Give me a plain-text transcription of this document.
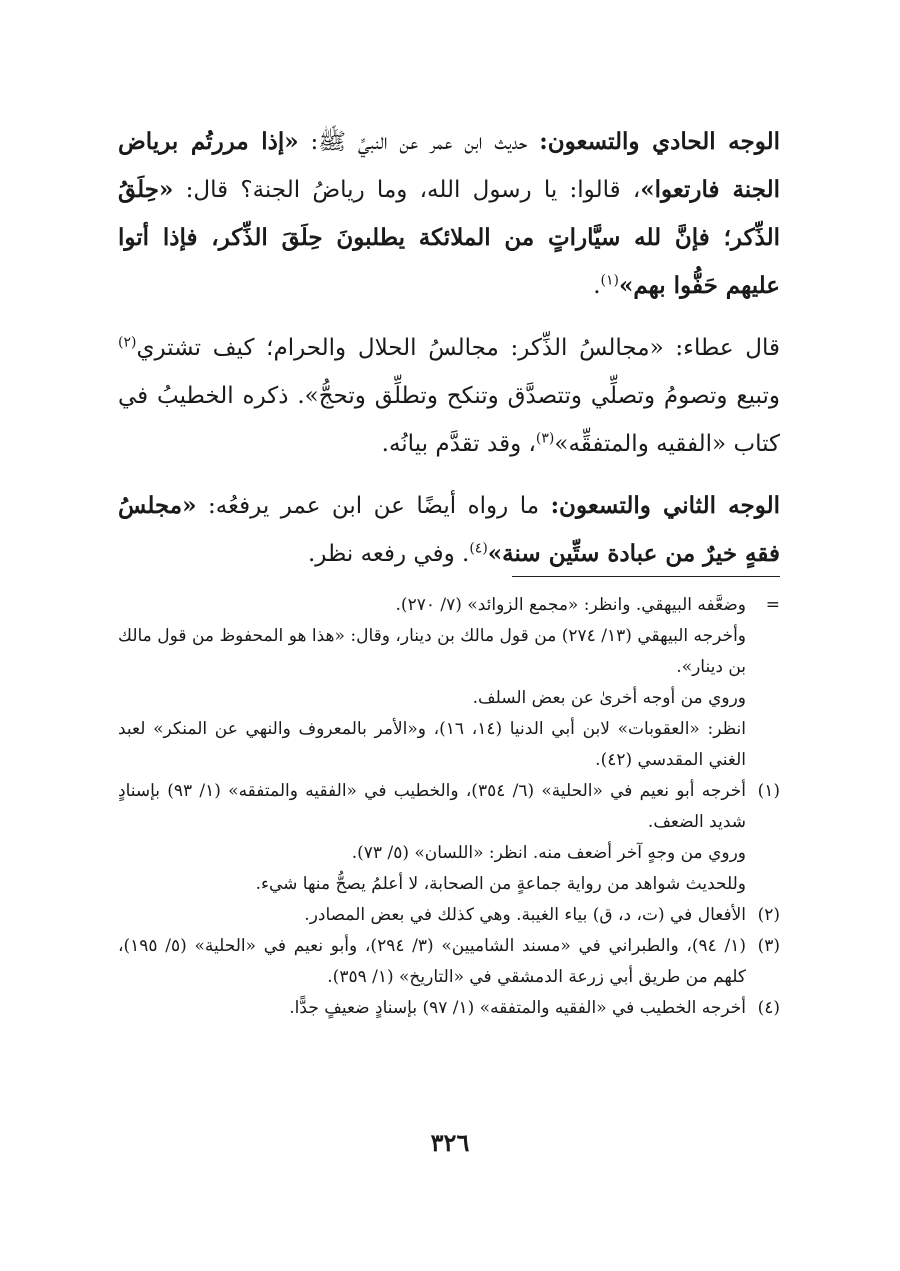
الوجه الحادي والتسعون: حديث ابن عمر عن النبيِّ ﷺ: «إذا مررتُم برياض الجنة فارتعوا»، قالوا: يا رسول الله، وما رياضُ الجنة؟ قال: «حِلَقُ الذِّكر؛ فإنَّ لله سيَّاراتٍ من الملائكة يطلبونَ حِلَقَ الذِّكر، فإذا أتوا عليهم حَفُّوا بهم»$^{(١)}$.

قال عطاء: «مجالسُ الذِّكر: مجالسُ الحلال والحرام؛ كيف تشتري$^{(٢)}$ وتبيع وتصومُ وتصلِّي وتتصدَّق وتنكح وتطلِّق وتحجُّ». ذكره الخطيبُ في كتاب «الفقيه والمتفقِّه»$^{(٣)}$، وقد تقدَّم بيانُه.

الوجه الثاني والتسعون: ما رواه أيضًا عن ابن عمر يرفعُه: «مجلسُ فقهٍ خيرٌ من عبادة ستِّين سنة»$^{(٤)}$. وفي رفعه نظر.

=
وضعَّفه البيهقي. وانظر: «مجمع الزوائد» (٧/ ٢٧٠).
وأخرجه البيهقي (١٣/ ٢٧٤) من قول مالك بن دينار، وقال: «هذا هو المحفوظ من قول مالك بن دينار».
وروي من أوجه أخرىٰ عن بعض السلف.
انظر: «العقوبات» لابن أبي الدنيا (١٤، ١٦)، و«الأمر بالمعروف والنهي عن المنكر» لعبد الغني المقدسي (٤٢).
(١)
أخرجه أبو نعيم في «الحلية» (٦/ ٣٥٤)، والخطيب في «الفقيه والمتفقه» (١/ ٩٣) بإسنادٍ شديد الضعف.
وروي من وجهٍ آخر أضعف منه. انظر: «اللسان» (٥/ ٧٣).
وللحديث شواهد من رواية جماعةٍ من الصحابة، لا أعلمُ يصحُّ منها شيء.
(٢)
الأفعال في (ت، د، ق) بياء الغيبة. وهي كذلك في بعض المصادر.
(٣)
(١/ ٩٤)، والطبراني في «مسند الشاميين» (٣/ ٢٩٤)، وأبو نعيم في «الحلية» (٥/ ١٩٥)، كلهم من طريق أبي زرعة الدمشقي في «التاريخ» (١/ ٣٥٩).
(٤)
أخرجه الخطيب في «الفقيه والمتفقه» (١/ ٩٧) بإسنادٍ ضعيفٍ جدًّا.
٣٢٦
